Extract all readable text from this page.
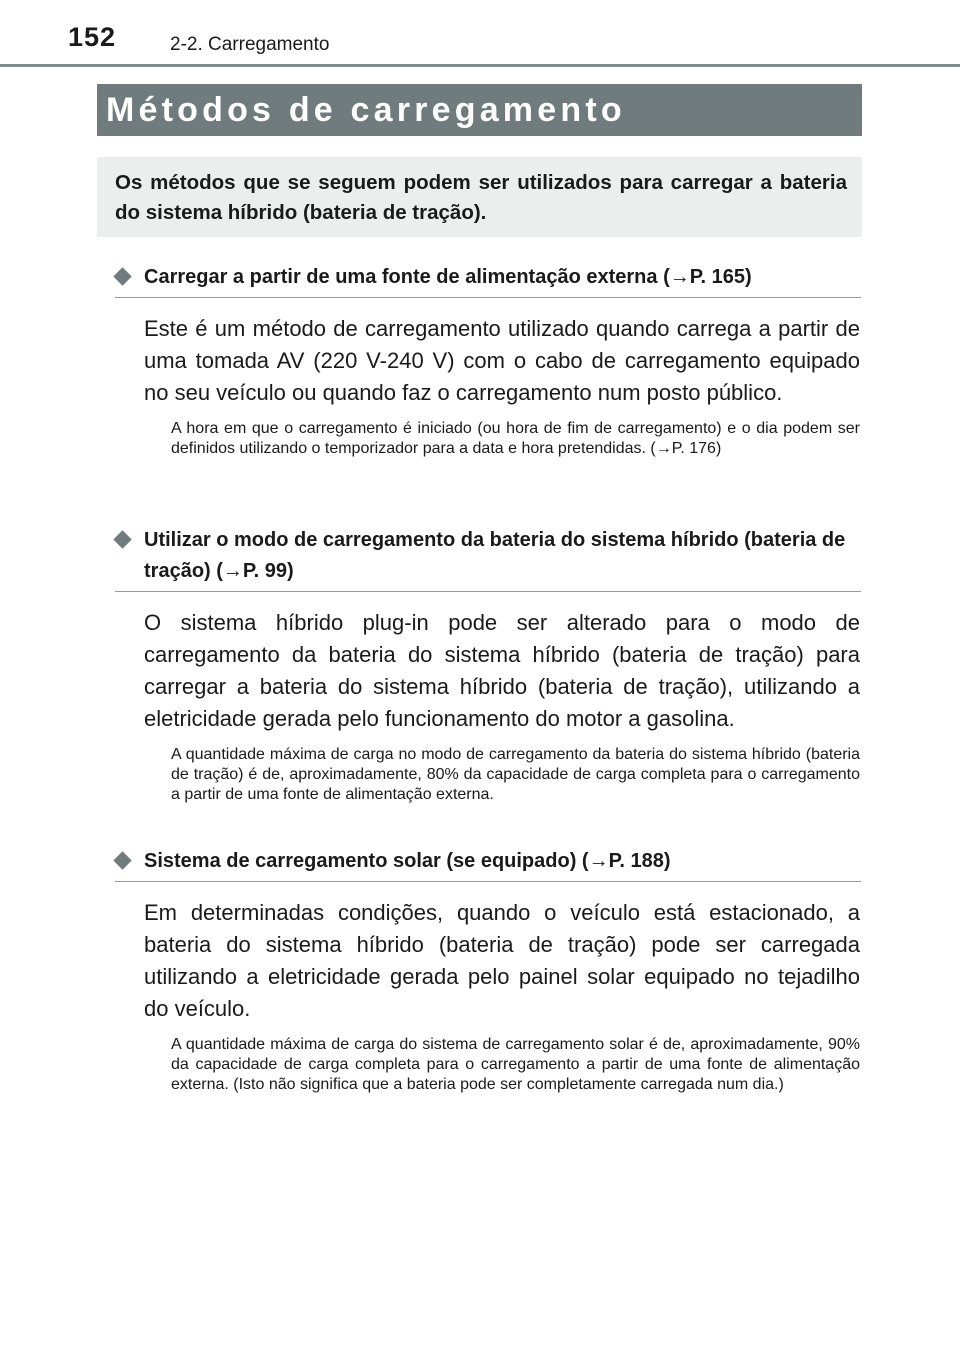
152	2-2. Carregamento
Métodos de carregamento

Os métodos que se seguem podem ser utilizados para carregar a bateria do sistema híbrido (bateria de tração).

Carregar a partir de uma fonte de alimentação externa (→P. 165)
Este é um método de carregamento utilizado quando carrega a partir de uma tomada AV (220 V-240 V) com o cabo de carregamento equipado no seu veículo ou quando faz o carregamento num posto público.
A hora em que o carregamento é iniciado (ou hora de fim de carregamento) e o dia podem ser definidos utilizando o temporizador para a data e hora pretendidas. (→P. 176)
Utilizar o modo de carregamento da bateria do sistema híbrido (bateria de tração) (→P. 99)
O sistema híbrido plug-in pode ser alterado para o modo de carregamento da bateria do sistema híbrido (bateria de tração) para carregar a bateria do sistema híbrido (bateria de tração), utilizando a eletricidade gerada pelo funcionamento do motor a gasolina.
A quantidade máxima de carga no modo de carregamento da bateria do sistema híbrido (bateria de tração) é de, aproximadamente, 80% da capacidade de carga completa para o carregamento a partir de uma fonte de alimentação externa.
Sistema de carregamento solar (se equipado) (→P. 188)
Em determinadas condições, quando o veículo está estacionado, a bateria do sistema híbrido (bateria de tração) pode ser carregada utilizando a eletricidade gerada pelo painel solar equipado no tejadilho do veículo.
A quantidade máxima de carga do sistema de carregamento solar é de, aproximadamente, 90% da capacidade de carga completa para o carregamento a partir de uma fonte de alimentação externa. (Isto não significa que a bateria pode ser completamente carregada num dia.)
